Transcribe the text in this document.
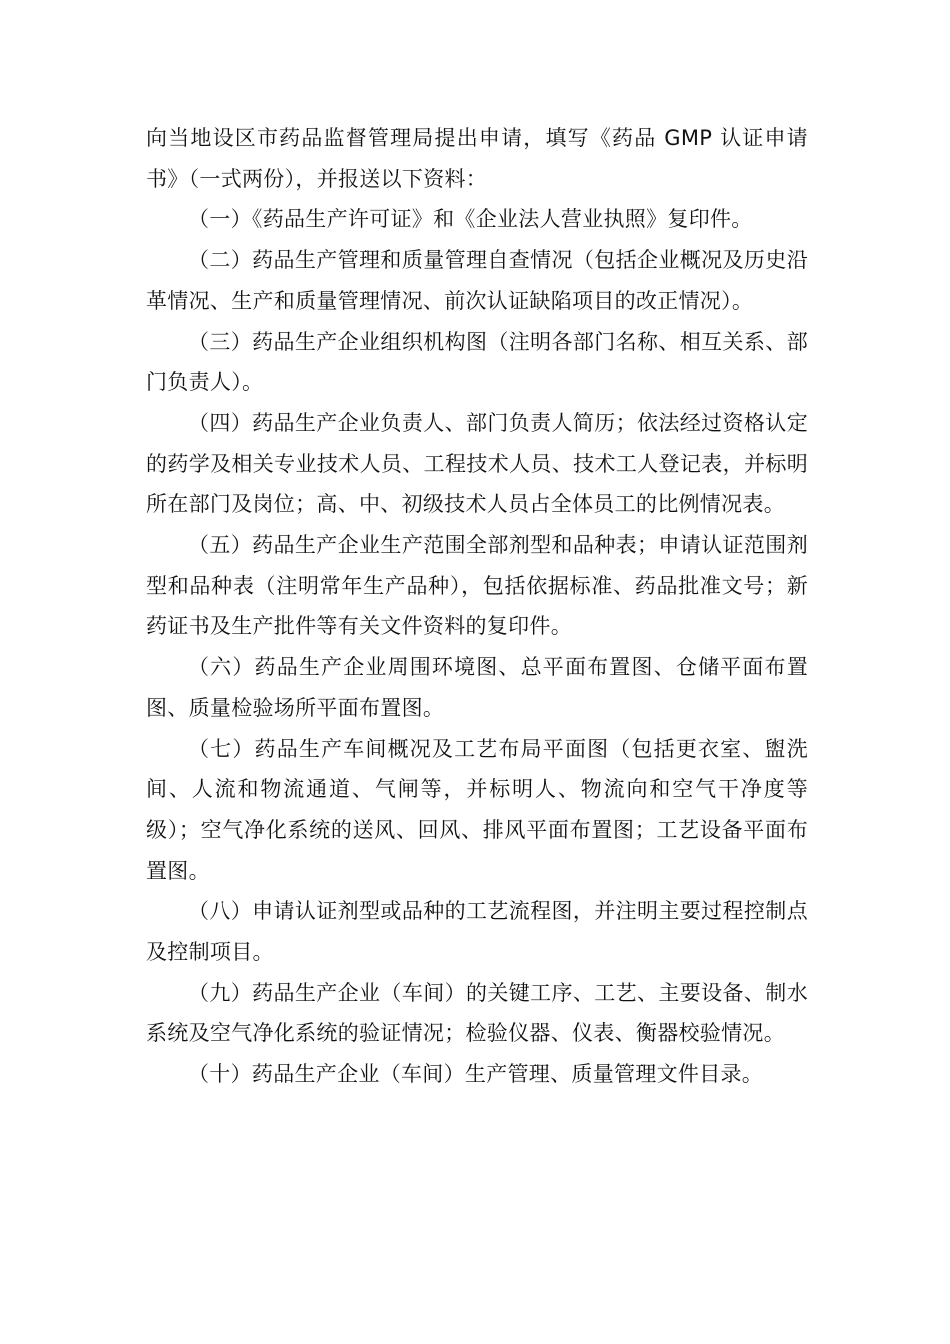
向当地设区市药品监督管理局提出申请，填写《药品 GMP 认证申请书》（一式两份），并报送以下资料：

（一）《药品生产许可证》和《企业法人营业执照》复印件。

（二）药品生产管理和质量管理自查情况（包括企业概况及历史沿革情况、生产和质量管理情况、前次认证缺陷项目的改正情况）。

（三）药品生产企业组织机构图（注明各部门名称、相互关系、部门负责人）。

（四）药品生产企业负责人、部门负责人简历；依法经过资格认定的药学及相关专业技术人员、工程技术人员、技术工人登记表，并标明所在部门及岗位；高、中、初级技术人员占全体员工的比例情况表。

（五）药品生产企业生产范围全部剂型和品种表；申请认证范围剂型和品种表（注明常年生产品种），包括依据标准、药品批准文号；新药证书及生产批件等有关文件资料的复印件。

（六）药品生产企业周围环境图、总平面布置图、仓储平面布置图、质量检验场所平面布置图。

（七）药品生产车间概况及工艺布局平面图（包括更衣室、盥洗间、人流和物流通道、气闸等，并标明人、物流向和空气干净度等级）；空气净化系统的送风、回风、排风平面布置图；工艺设备平面布置图。

（八）申请认证剂型或品种的工艺流程图，并注明主要过程控制点及控制项目。

（九）药品生产企业（车间）的关键工序、工艺、主要设备、制水系统及空气净化系统的验证情况；检验仪器、仪表、衡器校验情况。

（十）药品生产企业（车间）生产管理、质量管理文件目录。
